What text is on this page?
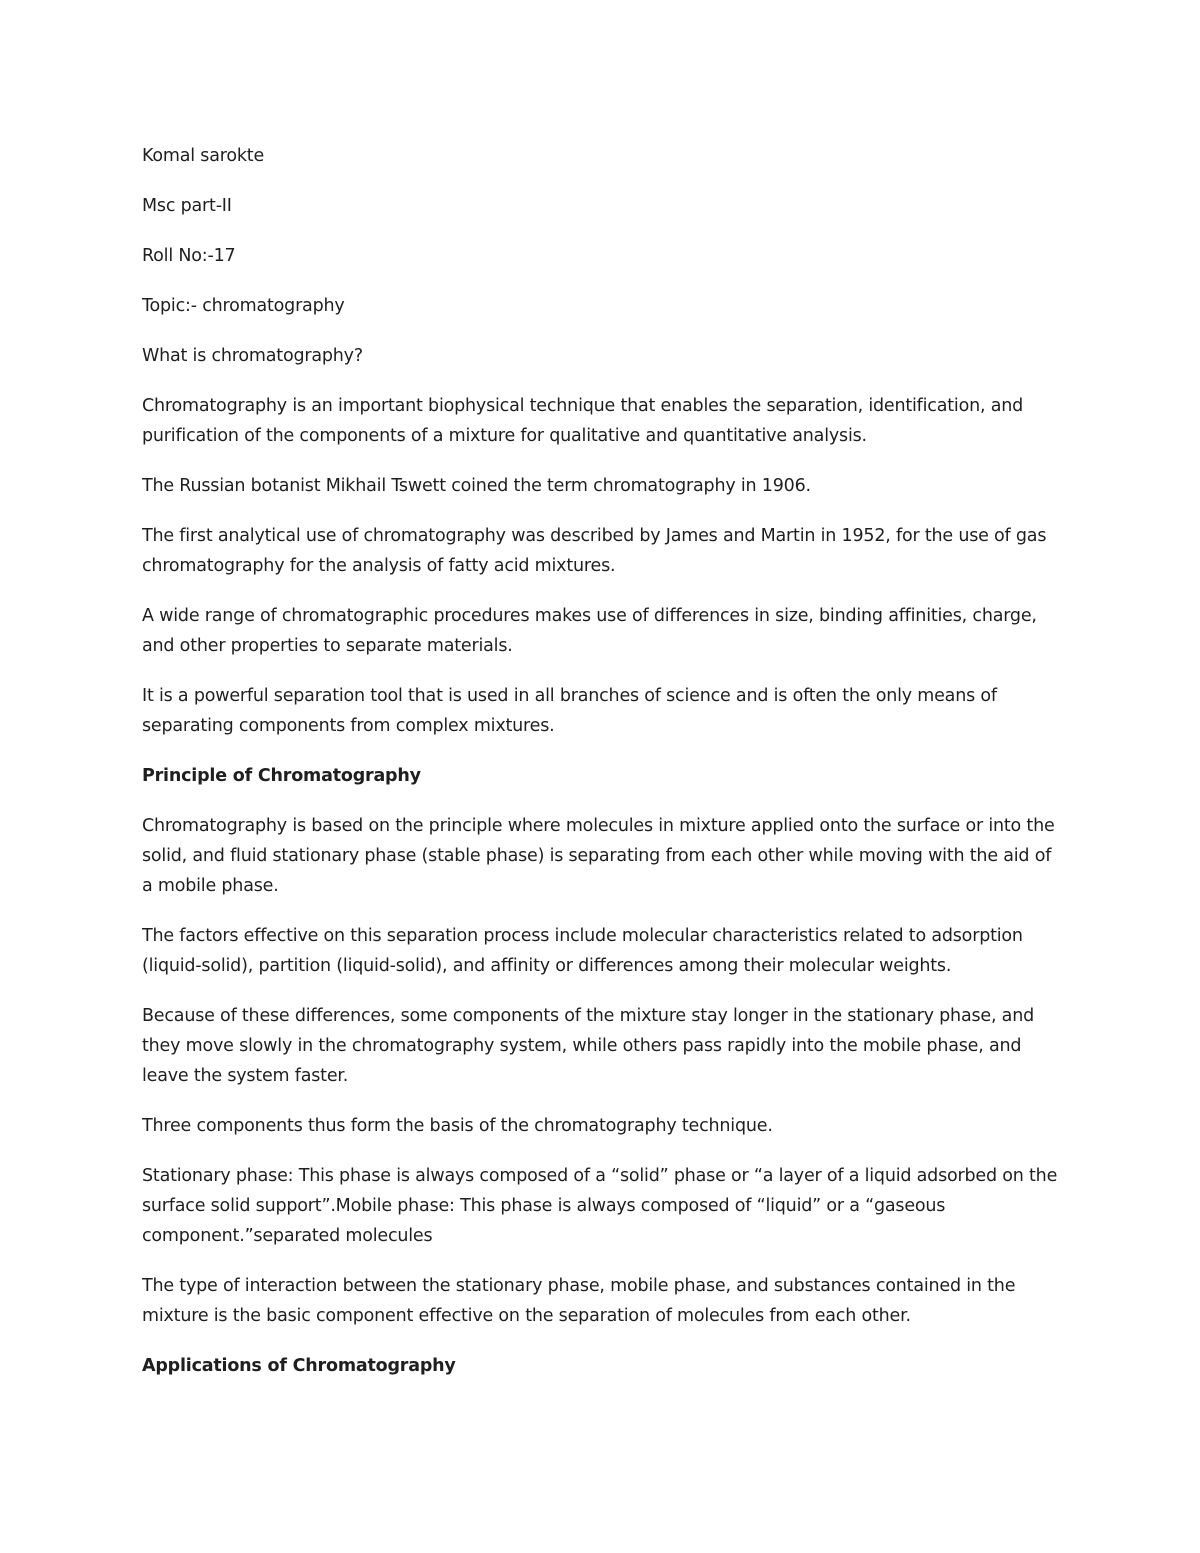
Komal sarokte

Msc part-II

Roll No:-17

Topic:- chromatography

What is chromatography?

Chromatography is an important biophysical technique that enables the separation, identification, and purification of the components of a mixture for qualitative and quantitative analysis.

The Russian botanist Mikhail Tswett coined the term chromatography in 1906.

The first analytical use of chromatography was described by James and Martin in 1952, for the use of gas chromatography for the analysis of fatty acid mixtures.

A wide range of chromatographic procedures makes use of differences in size, binding affinities, charge, and other properties to separate materials.

It is a powerful separation tool that is used in all branches of science and is often the only means of separating components from complex mixtures.

Principle of Chromatography

Chromatography is based on the principle where molecules in mixture applied onto the surface or into the solid, and fluid stationary phase (stable phase) is separating from each other while moving with the aid of a mobile phase.

The factors effective on this separation process include molecular characteristics related to adsorption (liquid-solid), partition (liquid-solid), and affinity or differences among their molecular weights.

Because of these differences, some components of the mixture stay longer in the stationary phase, and they move slowly in the chromatography system, while others pass rapidly into the mobile phase, and leave the system faster.

Three components thus form the basis of the chromatography technique.

Stationary phase: This phase is always composed of a “solid” phase or “a layer of a liquid adsorbed on the surface solid support”.Mobile phase: This phase is always composed of “liquid” or a “gaseous component.”separated molecules

The type of interaction between the stationary phase, mobile phase, and substances contained in the mixture is the basic component effective on the separation of molecules from each other.

Applications of Chromatography
